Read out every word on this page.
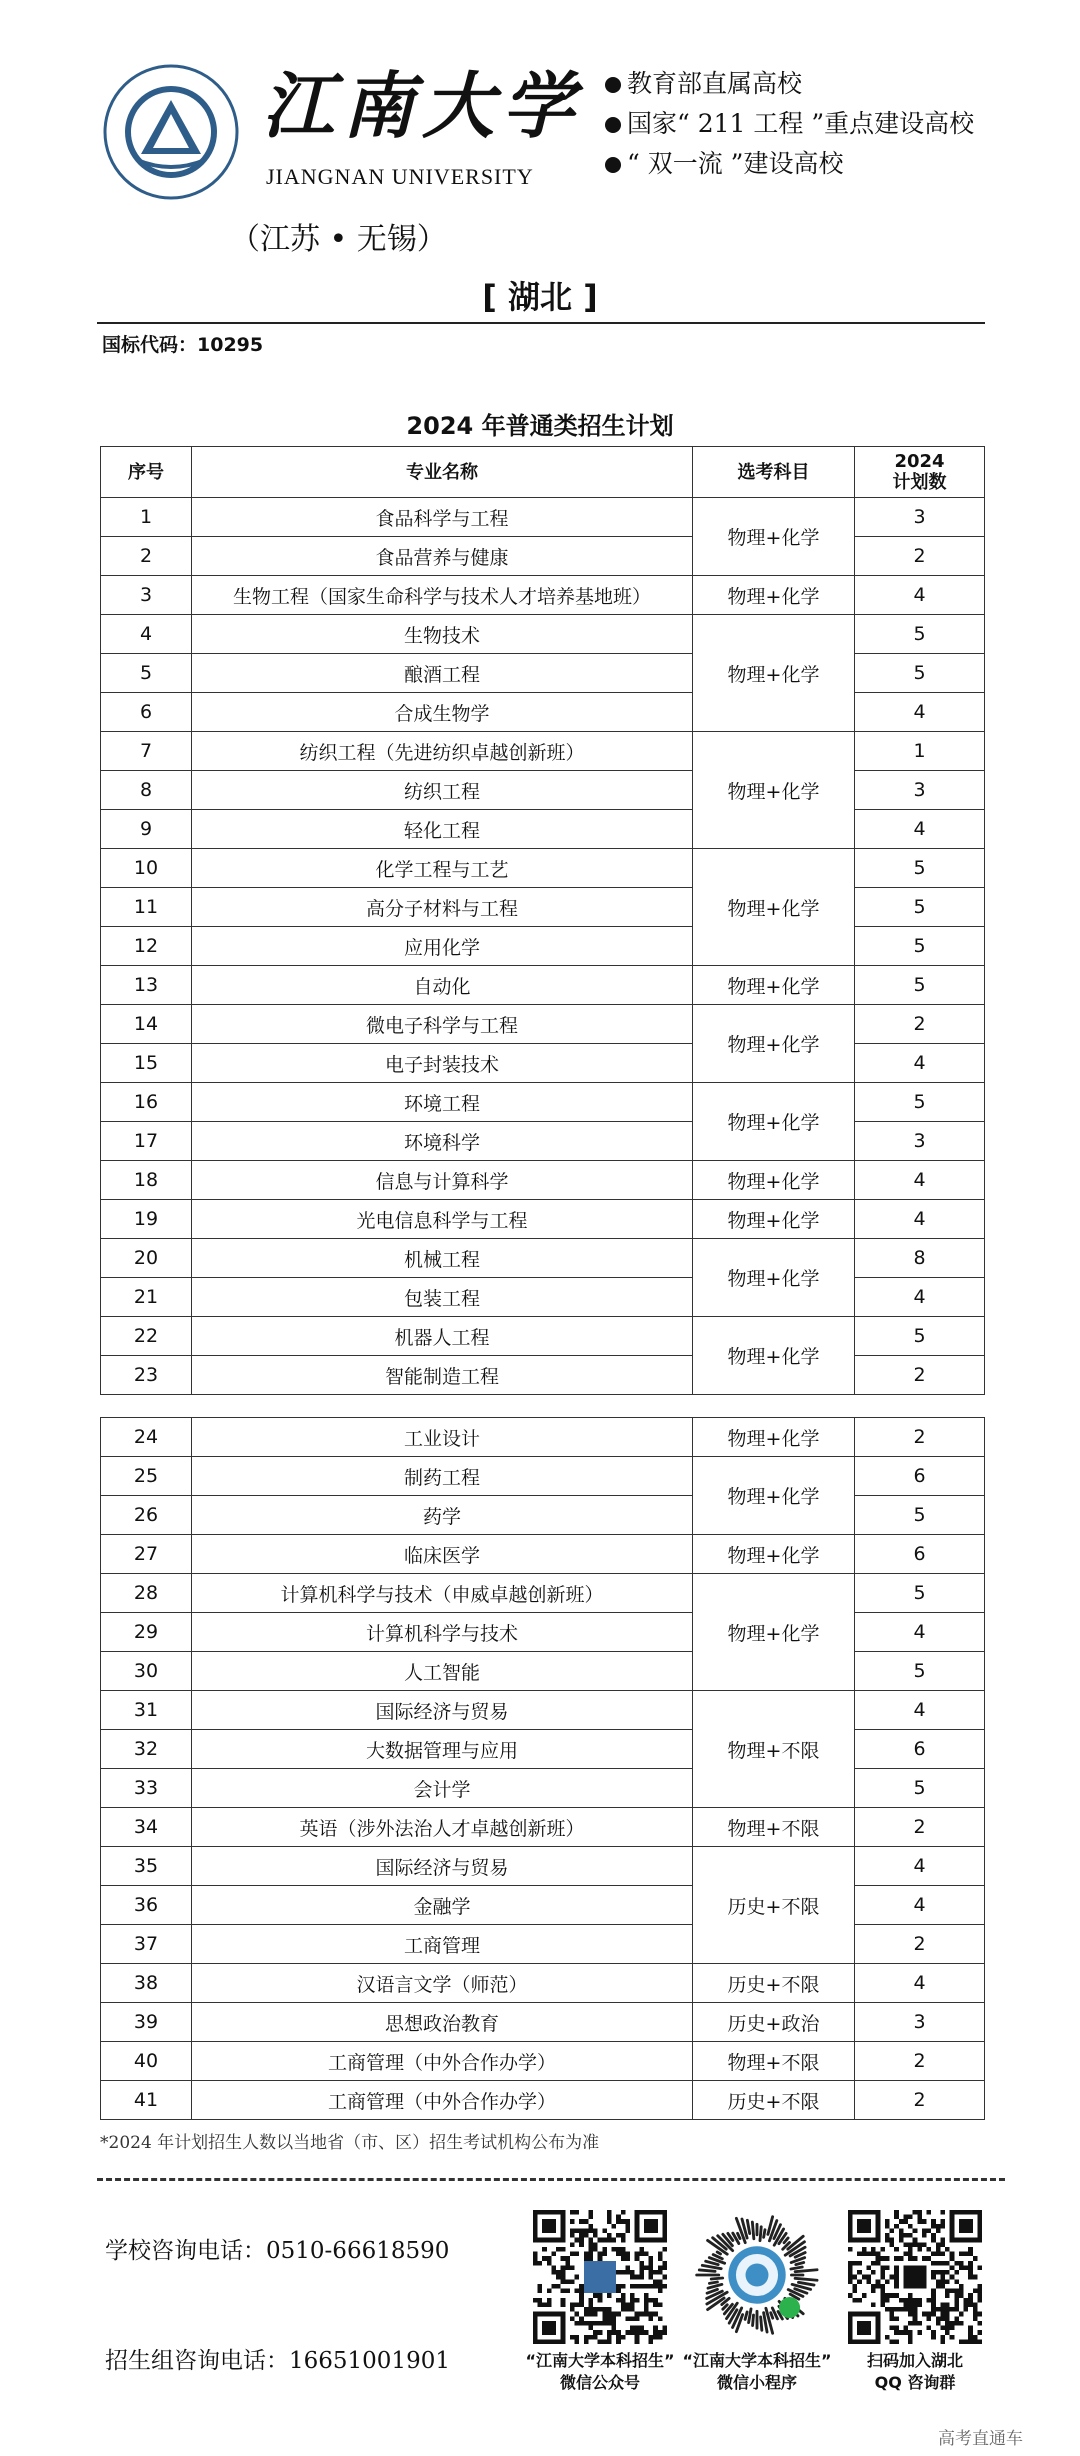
江南大学
JIANGNAN UNIVERSITY
（江苏 • 无锡）
教育部直属高校
国家“ 211 工程 ”重点建设高校
“ 双一流 ”建设高校
[ 湖北 ]
国标代码：10295
2024 年普通类招生计划
序号	专业名称	选考科目	2024
计划数
1	食品科学与工程	物理+化学	3
2	食品营养与健康		2
3	生物工程（国家生命科学与技术人才培养基地班）	物理+化学	4
4	生物技术	物理+化学	5
5	酿酒工程		5
6	合成生物学		4
7	纺织工程（先进纺织卓越创新班）	物理+化学	1
8	纺织工程		3
9	轻化工程		4
10	化学工程与工艺	物理+化学	5
11	高分子材料与工程		5
12	应用化学		5
13	自动化	物理+化学	5
14	微电子科学与工程	物理+化学	2
15	电子封装技术		4
16	环境工程	物理+化学	5
17	环境科学		3
18	信息与计算科学	物理+化学	4
19	光电信息科学与工程	物理+化学	4
20	机械工程	物理+化学	8
21	包装工程		4
22	机器人工程	物理+化学	5
23	智能制造工程		2
24	工业设计	物理+化学	2
25	制药工程	物理+化学	6
26	药学		5
27	临床医学	物理+化学	6
28	计算机科学与技术（申威卓越创新班）	物理+化学	5
29	计算机科学与技术		4
30	人工智能		5
31	国际经济与贸易	物理+不限	4
32	大数据管理与应用		6
33	会计学		5
34	英语（涉外法治人才卓越创新班）	物理+不限	2
35	国际经济与贸易	历史+不限	4
36	金融学		4
37	工商管理		2
38	汉语言文学（师范）	历史+不限	4
39	思想政治教育	历史+政治	3
40	工商管理（中外合作办学）	物理+不限	2
41	工商管理（中外合作办学）	历史+不限	2
*2024 年计划招生人数以当地省（市、区）招生考试机构公布为准
学校咨询电话：0510-66618590
招生组咨询电话：16651001901	“江南大学本科招生”
微信公众号
“江南大学本科招生”
微信小程序
扫码加入湖北
QQ 咨询群
高考直通车
